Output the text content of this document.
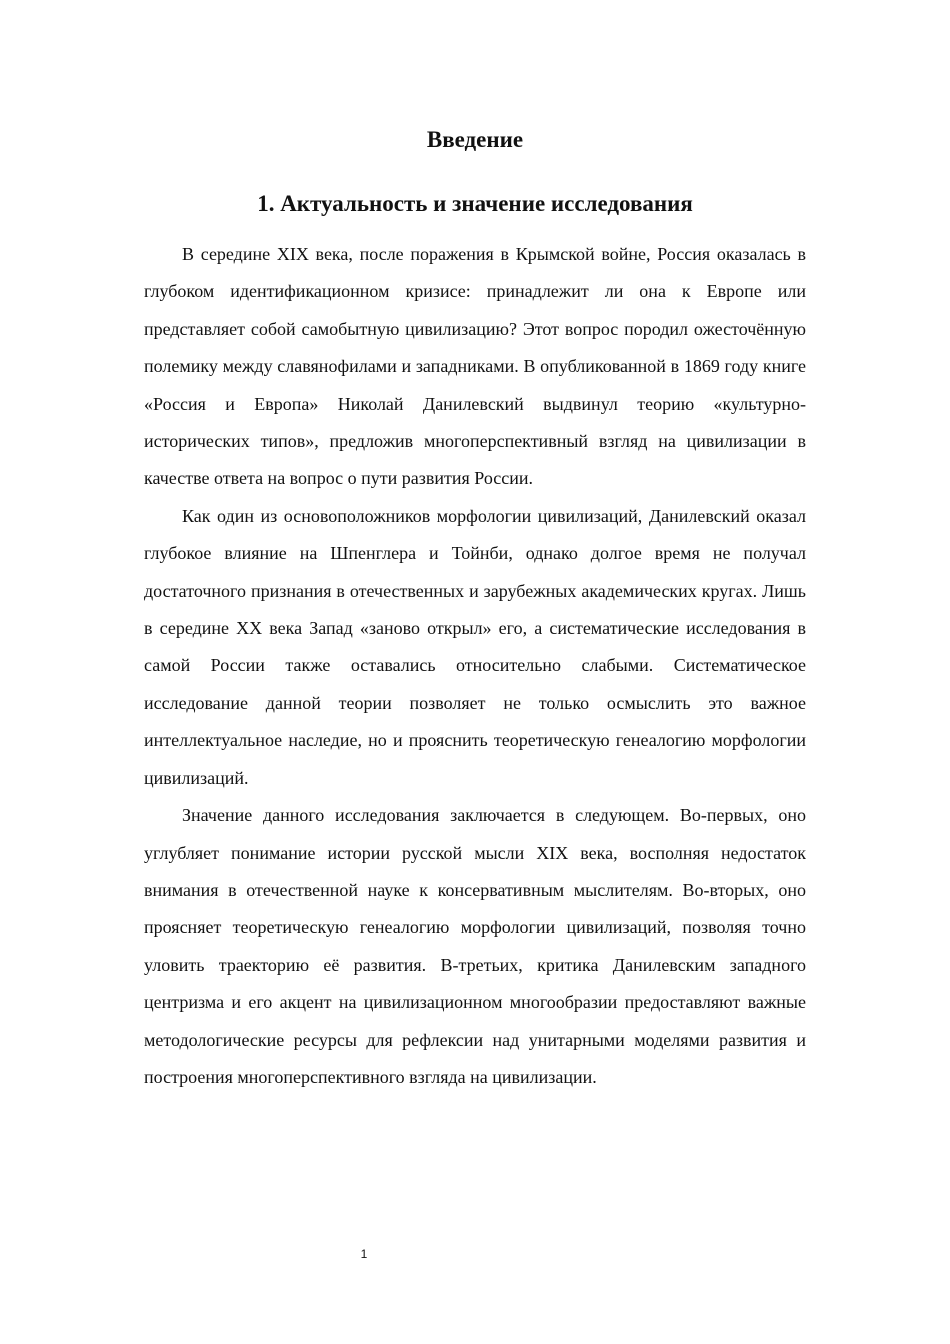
Введение
1. Актуальность и значение исследования

В середине XIX века, после поражения в Крымской войне, Россия оказалась в глубоком идентификационном кризисе: принадлежит ли она к Европе или представляет собой самобытную цивилизацию? Этот вопрос породил ожесточённую полемику между славянофилами и западниками. В опубликованной в 1869 году книге «Россия и Европа» Николай Данилевский выдвинул теорию «культурно-исторических типов», предложив многоперспективный взгляд на цивилизации в качестве ответа на вопрос о пути развития России.

Как один из основоположников морфологии цивилизаций, Данилевский оказал глубокое влияние на Шпенглера и Тойнби, однако долгое время не получал достаточного признания в отечественных и зарубежных академических кругах. Лишь в середине XX века Запад «заново открыл» его, а систематические исследования в самой России также оставались относительно слабыми. Систематическое исследование данной теории позволяет не только осмыслить это важное интеллектуальное наследие, но и прояснить теоретическую генеалогию морфологии цивилизаций.

Значение данного исследования заключается в следующем. Во-первых, оно углубляет понимание истории русской мысли XIX века, восполняя недостаток внимания в отечественной науке к консервативным мыслителям. Во-вторых, оно проясняет теоретическую генеалогию морфологии цивилизаций, позволяя точно уловить траекторию её развития. В-третьих, критика Данилевским западного центризма и его акцент на цивилизационном многообразии предоставляют важные методологические ресурсы для рефлексии над унитарными моделями развития и построения многоперспективного взгляда на цивилизации.

1
